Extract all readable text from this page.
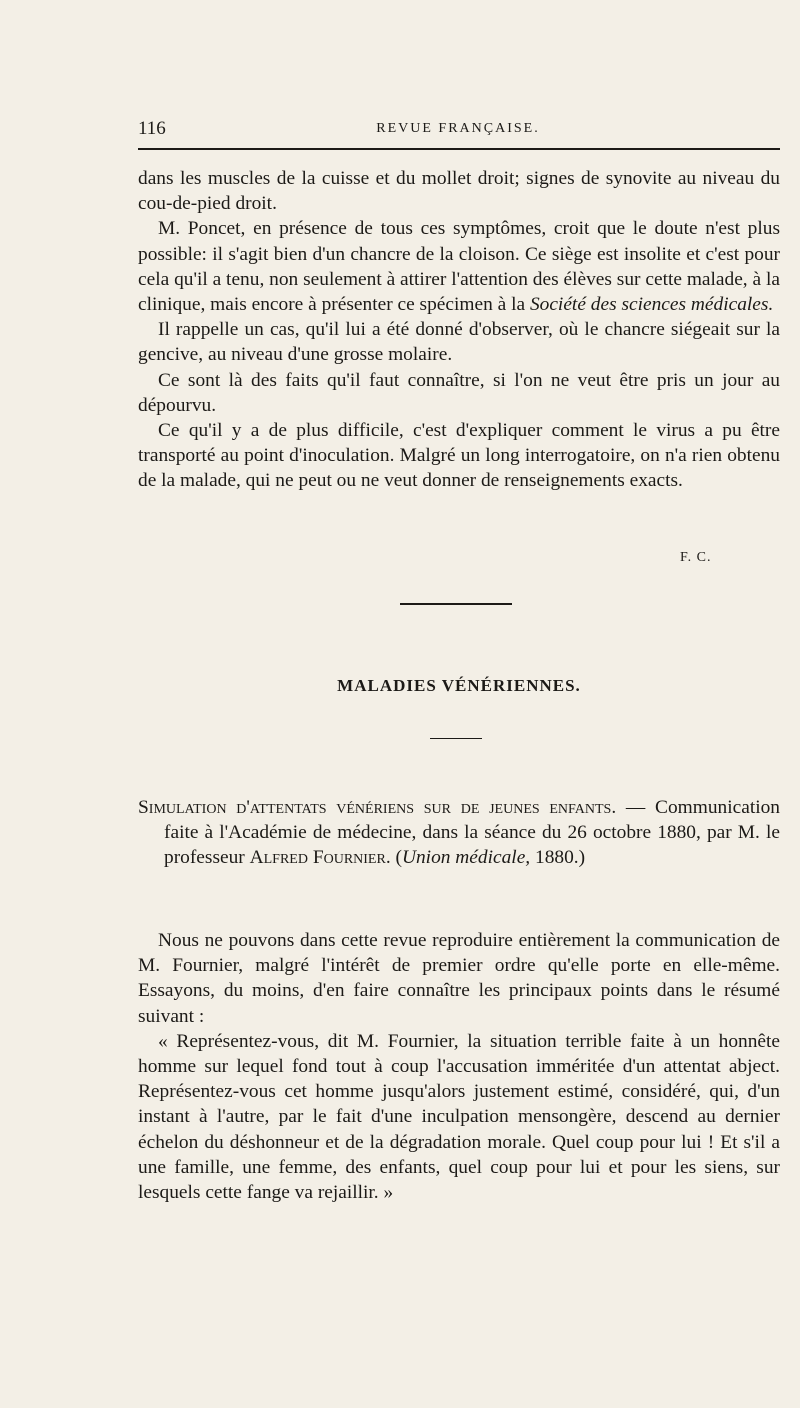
116	REVUE FRANÇAISE.

dans les muscles de la cuisse et du mollet droit; signes de synovite au niveau du cou-de-pied droit.

M. Poncet, en présence de tous ces symptômes, croit que le doute n'est plus possible: il s'agit bien d'un chancre de la cloison. Ce siège est insolite et c'est pour cela qu'il a tenu, non seulement à attirer l'attention des élèves sur cette malade, à la clinique, mais encore à présenter ce spécimen à la Société des sciences médicales.

Il rappelle un cas, qu'il lui a été donné d'observer, où le chancre siégeait sur la gencive, au niveau d'une grosse molaire.

Ce sont là des faits qu'il faut connaître, si l'on ne veut être pris un jour au dépourvu.

Ce qu'il y a de plus difficile, c'est d'expliquer comment le virus a pu être transporté au point d'inoculation. Malgré un long interrogatoire, on n'a rien obtenu de la malade, qui ne peut ou ne veut donner de renseignements exacts.

F. C.
MALADIES VÉNÉRIENNES.

Simulation d'attentats vénériens sur de jeunes enfants. — Communication faite à l'Académie de médecine, dans la séance du 26 octobre 1880, par M. le professeur Alfred Fournier. (Union médicale, 1880.)

Nous ne pouvons dans cette revue reproduire entièrement la communication de M. Fournier, malgré l'intérêt de premier ordre qu'elle porte en elle-même. Essayons, du moins, d'en faire connaître les principaux points dans le résumé suivant :

« Représentez-vous, dit M. Fournier, la situation terrible faite à un honnête homme sur lequel fond tout à coup l'accusation imméritée d'un attentat abject. Représentez-vous cet homme jusqu'alors justement estimé, considéré, qui, d'un instant à l'autre, par le fait d'une inculpation mensongère, descend au dernier échelon du déshonneur et de la dégradation morale. Quel coup pour lui ! Et s'il a une famille, une femme, des enfants, quel coup pour lui et pour les siens, sur lesquels cette fange va rejaillir. »
